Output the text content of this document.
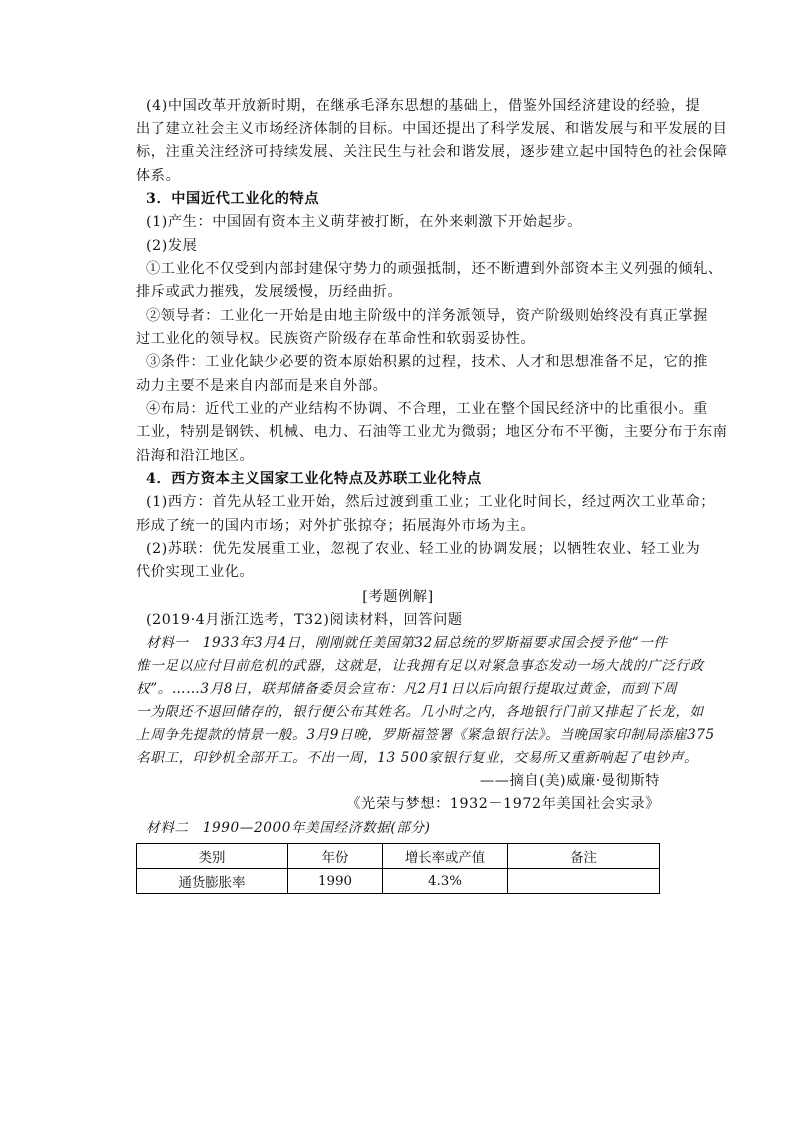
(4)中国改革开放新时期，在继承毛泽东思想的基础上，借鉴外国经济建设的经验，提
出了建立社会主义市场经济体制的目标。中国还提出了科学发展、和谐发展与和平发展的目
标，注重关注经济可持续发展、关注民生与社会和谐发展，逐步建立起中国特色的社会保障
体系。
3．中国近代工业化的特点
(1)产生：中国固有资本主义萌芽被打断，在外来刺激下开始起步。
(2)发展
①工业化不仅受到内部封建保守势力的顽强抵制，还不断遭到外部资本主义列强的倾轧、
排斥或武力摧残，发展缓慢，历经曲折。
②领导者：工业化一开始是由地主阶级中的洋务派领导，资产阶级则始终没有真正掌握
过工业化的领导权。民族资产阶级存在革命性和软弱妥协性。
③条件：工业化缺少必要的资本原始积累的过程，技术、人才和思想准备不足，它的推
动力主要不是来自内部而是来自外部。
④布局：近代工业的产业结构不协调、不合理，工业在整个国民经济中的比重很小。重
工业，特别是钢铁、机械、电力、石油等工业尤为微弱；地区分布不平衡，主要分布于东南
沿海和沿江地区。
4．西方资本主义国家工业化特点及苏联工业化特点
(1)西方：首先从轻工业开始，然后过渡到重工业；工业化时间长，经过两次工业革命；
形成了统一的国内市场；对外扩张掠夺；拓展海外市场为主。
(2)苏联：优先发展重工业，忽视了农业、轻工业的协调发展；以牺牲农业、轻工业为
代价实现工业化。
[考题例解]
(2019·4月浙江选考，T32)阅读材料，回答问题
材料一　1933年3月4日，刚刚就任美国第32届总统的罗斯福要求国会授予他“一件
惟一足以应付目前危机的武器，这就是，让我拥有足以对紧急事态发动一场大战的广泛行政
权”。……3月8日，联邦储备委员会宣布：凡2月1日以后向银行提取过黄金，而到下周
一为限还不退回储存的，银行便公布其姓名。几小时之内，各地银行门前又排起了长龙，如
上周争先提款的情景一般。3月9日晚，罗斯福签署《紧急银行法》。当晚国家印制局添雇375
名职工，印钞机全部开工。不出一周，13 500家银行复业，交易所又重新响起了电钞声。
——摘自(美)威廉·曼彻斯特
《光荣与梦想：1932－1972年美国社会实录》
材料二　1990—2000年美国经济数据(部分)
类别	年份	增长率或产值	备注
通货膨胀率	1990	4.3%	
